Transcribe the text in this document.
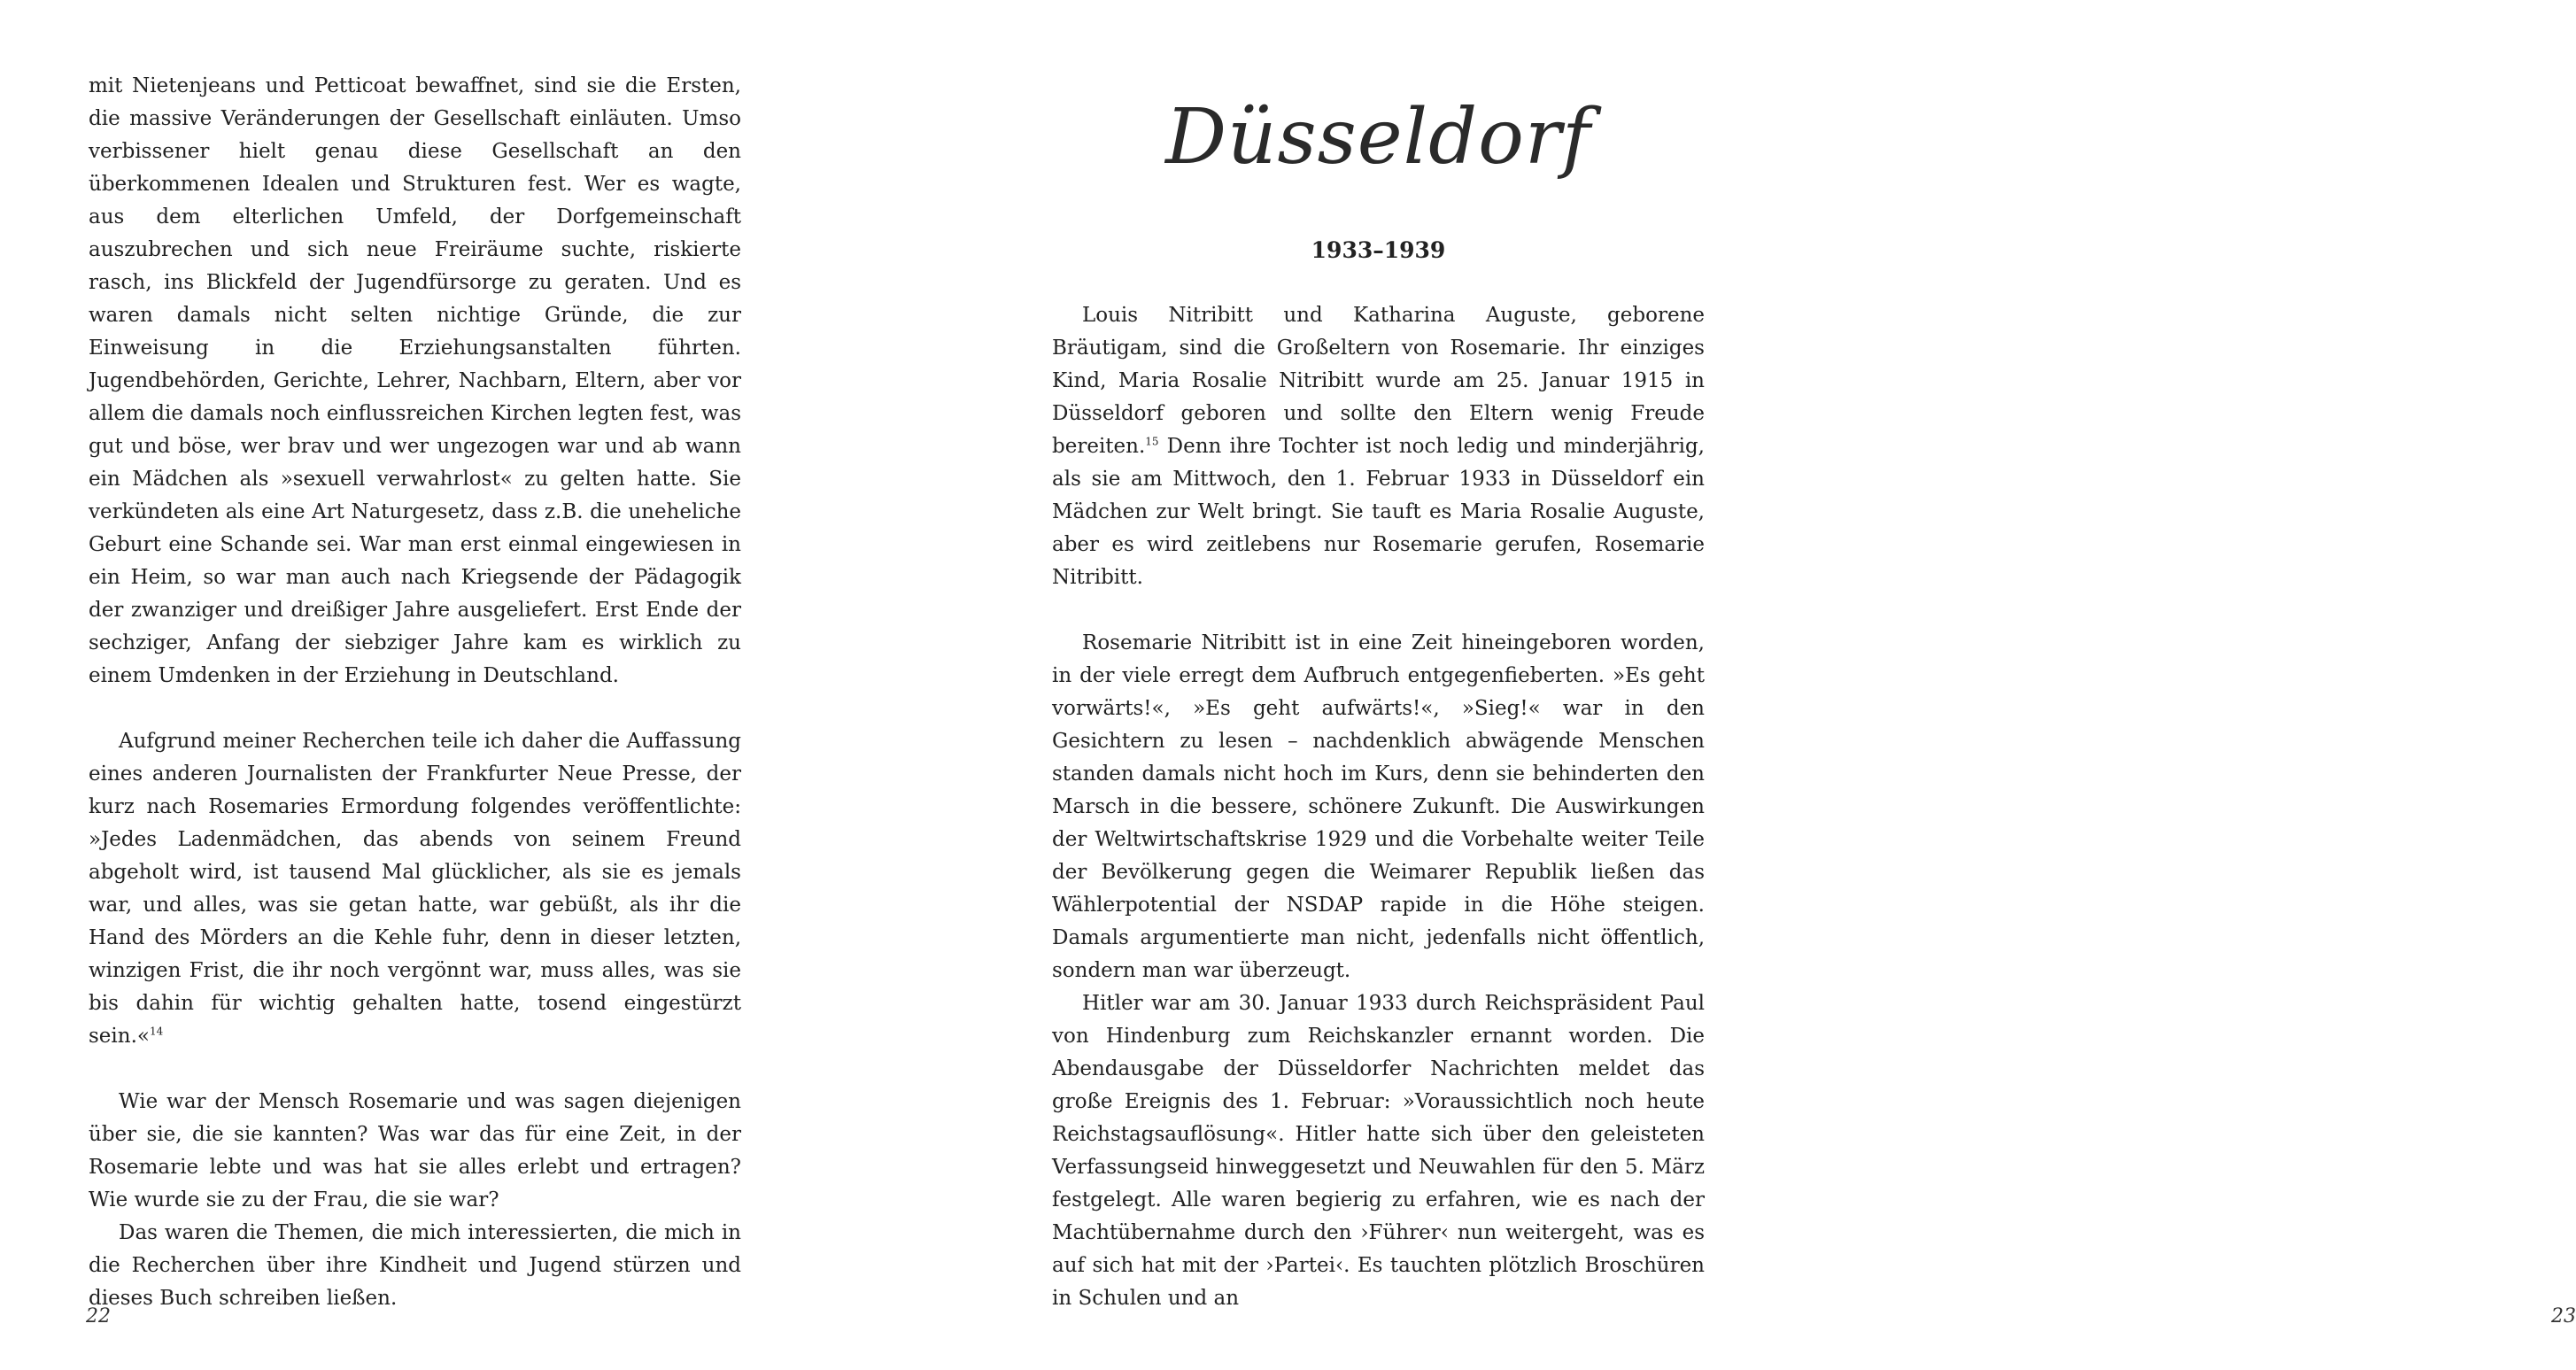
mit Nietenjeans und Petticoat bewaffnet, sind sie die Ersten, die massive Veränderungen der Gesellschaft einläuten. Umso verbissener hielt genau diese Gesellschaft an den überkommenen Idealen und Strukturen fest. Wer es wagte, aus dem elterlichen Umfeld, der Dorfgemeinschaft auszubrechen und sich neue Freiräume suchte, riskierte rasch, ins Blickfeld der Jugendfürsorge zu geraten. Und es waren damals nicht selten nichtige Gründe, die zur Einweisung in die Erziehungsanstalten führten. Jugendbehörden, Gerichte, Lehrer, Nachbarn, Eltern, aber vor allem die damals noch einflussreichen Kirchen legten fest, was gut und böse, wer brav und wer ungezogen war und ab wann ein Mädchen als »sexuell verwahrlost« zu gelten hatte. Sie verkündeten als eine Art Naturgesetz, dass z.B. die uneheliche Geburt eine Schande sei. War man erst einmal eingewiesen in ein Heim, so war man auch nach Kriegsende der Pädagogik der zwanziger und dreißiger Jahre ausgeliefert. Erst Ende der sechziger, Anfang der siebziger Jahre kam es wirklich zu einem Umdenken in der Erziehung in Deutschland.

Aufgrund meiner Recherchen teile ich daher die Auffassung eines anderen Journalisten der Frankfurter Neue Presse, der kurz nach Rosemaries Ermordung folgendes veröffentlichte: »Jedes Ladenmädchen, das abends von seinem Freund abgeholt wird, ist tausend Mal glücklicher, als sie es jemals war, und alles, was sie getan hatte, war gebüßt, als ihr die Hand des Mörders an die Kehle fuhr, denn in dieser letzten, winzigen Frist, die ihr noch vergönnt war, muss alles, was sie bis dahin für wichtig gehalten hatte, tosend eingestürzt sein.«$^{14}$

Wie war der Mensch Rosemarie und was sagen diejenigen über sie, die sie kannten? Was war das für eine Zeit, in der Rosemarie lebte und was hat sie alles erlebt und ertragen? Wie wurde sie zu der Frau, die sie war?

Das waren die Themen, die mich interessierten, die mich in die Recherchen über ihre Kindheit und Jugend stürzen und dieses Buch schreiben ließen.

22
Düsseldorf
1933–1939

Louis Nitribitt und Katharina Auguste, geborene Bräutigam, sind die Großeltern von Rosemarie. Ihr einziges Kind, Maria Rosalie Nitribitt wurde am 25. Januar 1915 in Düsseldorf geboren und sollte den Eltern wenig Freude bereiten.$^{15}$ Denn ihre Tochter ist noch ledig und minderjährig, als sie am Mittwoch, den 1. Februar 1933 in Düsseldorf ein Mädchen zur Welt bringt. Sie tauft es Maria Rosalie Auguste, aber es wird zeitlebens nur Rosemarie gerufen, Rosemarie Nitribitt.

Rosemarie Nitribitt ist in eine Zeit hineingeboren worden, in der viele erregt dem Aufbruch entgegenfieberten. »Es geht vorwärts!«, »Es geht aufwärts!«, »Sieg!« war in den Gesichtern zu lesen – nachdenklich abwägende Menschen standen damals nicht hoch im Kurs, denn sie behinderten den Marsch in die bessere, schönere Zukunft. Die Auswirkungen der Weltwirtschaftskrise 1929 und die Vorbehalte weiter Teile der Bevölkerung gegen die Weimarer Republik ließen das Wählerpotential der NSDAP rapide in die Höhe steigen. Damals argumentierte man nicht, jedenfalls nicht öffentlich, sondern man war überzeugt.

Hitler war am 30. Januar 1933 durch Reichspräsident Paul von Hindenburg zum Reichskanzler ernannt worden. Die Abendausgabe der Düsseldorfer Nachrichten meldet das große Ereignis des 1. Februar: »Voraussichtlich noch heute Reichstagsauflösung«. Hitler hatte sich über den geleisteten Verfassungseid hinweggesetzt und Neuwahlen für den 5. März festgelegt. Alle waren begierig zu erfahren, wie es nach der Machtübernahme durch den ›Führer‹ nun weitergeht, was es auf sich hat mit der ›Partei‹. Es tauchten plötzlich Broschüren in Schulen und an

23
